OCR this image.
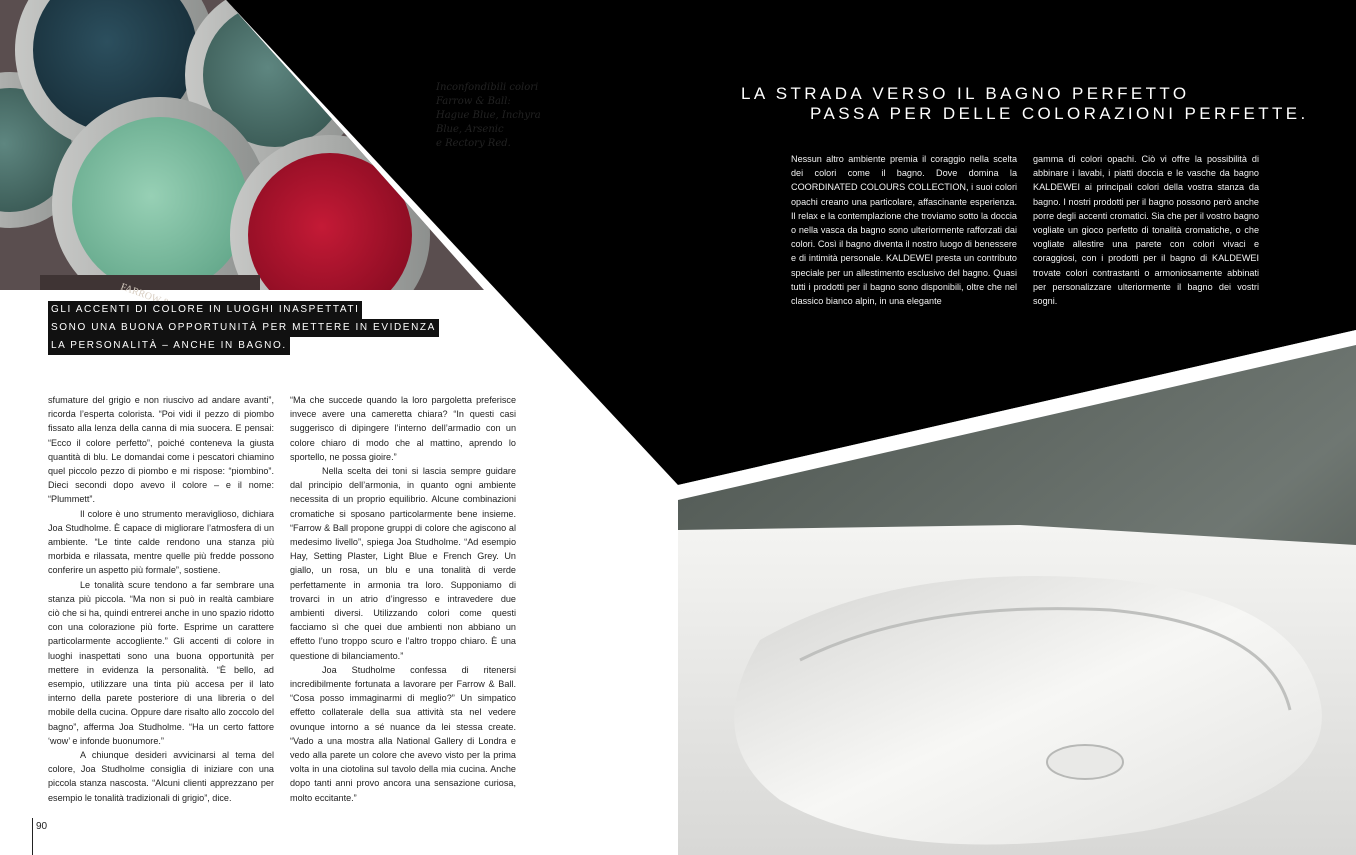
Inconfondibili colori
Farrow & Ball:
Hague Blue, Inchyra
Blue, Arsenic
e Rectory Red.
LA STRADA VERSO IL BAGNO PERFETTO
PASSA PER DELLE COLORAZIONI PERFETTE.
Nessun altro ambiente premia il coraggio nella scelta dei colori come il bagno. Dove domina la COORDINATED COLOURS COLLECTION, i suoi colori opachi creano una particolare, affascinante esperienza. Il relax e la contemplazione che troviamo sotto la doccia o nella vasca da bagno sono ulteriormente rafforzati dai colori. Così il bagno diventa il nostro luogo di benessere e di intimità personale. KALDEWEI presta un contributo speciale per un allestimento esclusivo del bagno. Quasi tutti i prodotti per il bagno sono disponibili, oltre che nel classico bianco alpin, in una elegante
gamma di colori opachi. Ciò vi offre la possibilità di abbinare i lavabi, i piatti doccia e le vasche da bagno KALDEWEI ai principali colori della vostra stanza da bagno. I nostri prodotti per il bagno possono però anche porre degli accenti cromatici. Sia che per il vostro bagno vogliate un gioco perfetto di tonalità cromatiche, o che vogliate allestire una parete con colori vivaci e coraggiosi, con i prodotti per il bagno di KALDEWEI trovate colori contrastanti o armoniosamente abbinati per personalizzare ulteriormente il bagno dei vostri sogni.
GLI ACCENTI DI COLORE IN LUOGHI INASPETTATI
SONO UNA BUONA OPPORTUNITÀ PER METTERE IN EVIDENZA
LA PERSONALITÀ – ANCHE IN BAGNO.

sfumature del grigio e non riuscivo ad andare avanti”, ricorda l’esperta colorista. “Poi vidi il pezzo di piombo fissato alla lenza della canna di mia suocera. E pensai: “Ecco il colore perfetto”, poiché conteneva la giusta quantità di blu. Le domandai come i pescatori chiamino quel piccolo pezzo di piombo e mi rispose: “piombino”. Dieci secondi dopo avevo il colore – e il nome: “Plummett”.

Il colore è uno strumento meraviglioso, dichiara Joa Studholme. È capace di migliorare l’atmosfera di un ambiente. “Le tinte calde rendono una stanza più morbida e rilassata, mentre quelle più fredde possono conferire un aspetto più formale”, sostiene.

Le tonalità scure tendono a far sembrare una stanza più piccola. “Ma non si può in realtà cambiare ciò che si ha, quindi entrerei anche in uno spazio ridotto con una colorazione più forte. Esprime un carattere particolarmente accogliente.” Gli accenti di colore in luoghi inaspettati sono una buona opportunità per mettere in evidenza la personalità. “È bello, ad esempio, utilizzare una tinta più accesa per il lato interno della parete posteriore di una libreria o del mobile della cucina. Oppure dare risalto allo zoccolo del bagno”, afferma Joa Studholme. “Ha un certo fattore ‘wow’ e infonde buonumore.”

A chiunque desideri avvicinarsi al tema del colore, Joa Studholme consiglia di iniziare con una piccola stanza nascosta. “Alcuni clienti apprezzano per esempio le tonalità tradizionali di grigio”, dice.

“Ma che succede quando la loro pargoletta preferisce invece avere una cameretta chiara? “In questi casi suggerisco di dipingere l’interno dell’armadio con un colore chiaro di modo che al mattino, aprendo lo sportello, ne possa gioire.”

Nella scelta dei toni si lascia sempre guidare dal principio dell’armonia, in quanto ogni ambiente necessita di un proprio equilibrio. Alcune combinazioni cromatiche si sposano particolarmente bene insieme. “Farrow & Ball propone gruppi di colore che agiscono al medesimo livello”, spiega Joa Studholme. “Ad esempio Hay, Setting Plaster, Light Blue e French Grey. Un giallo, un rosa, un blu e una tonalità di verde perfettamente in armonia tra loro. Supponiamo di trovarci in un atrio d’ingresso e intravedere due ambienti diversi. Utilizzando colori come questi facciamo sì che quei due ambienti non abbiano un effetto l’uno troppo scuro e l’altro troppo chiaro. È una questione di bilanciamento.”

Joa Studholme confessa di ritenersi incredibilmente fortunata a lavorare per Farrow & Ball. “Cosa posso immaginarmi di meglio?” Un simpatico effetto collaterale della sua attività sta nel vedere ovunque intorno a sé nuance da lei stessa create. “Vado a una mostra alla National Gallery di Londra e vedo alla parete un colore che avevo visto per la prima volta in una ciotolina sul tavolo della mia cucina. Anche dopo tanti anni provo ancora una sensazione curiosa, molto eccitante.”

90
